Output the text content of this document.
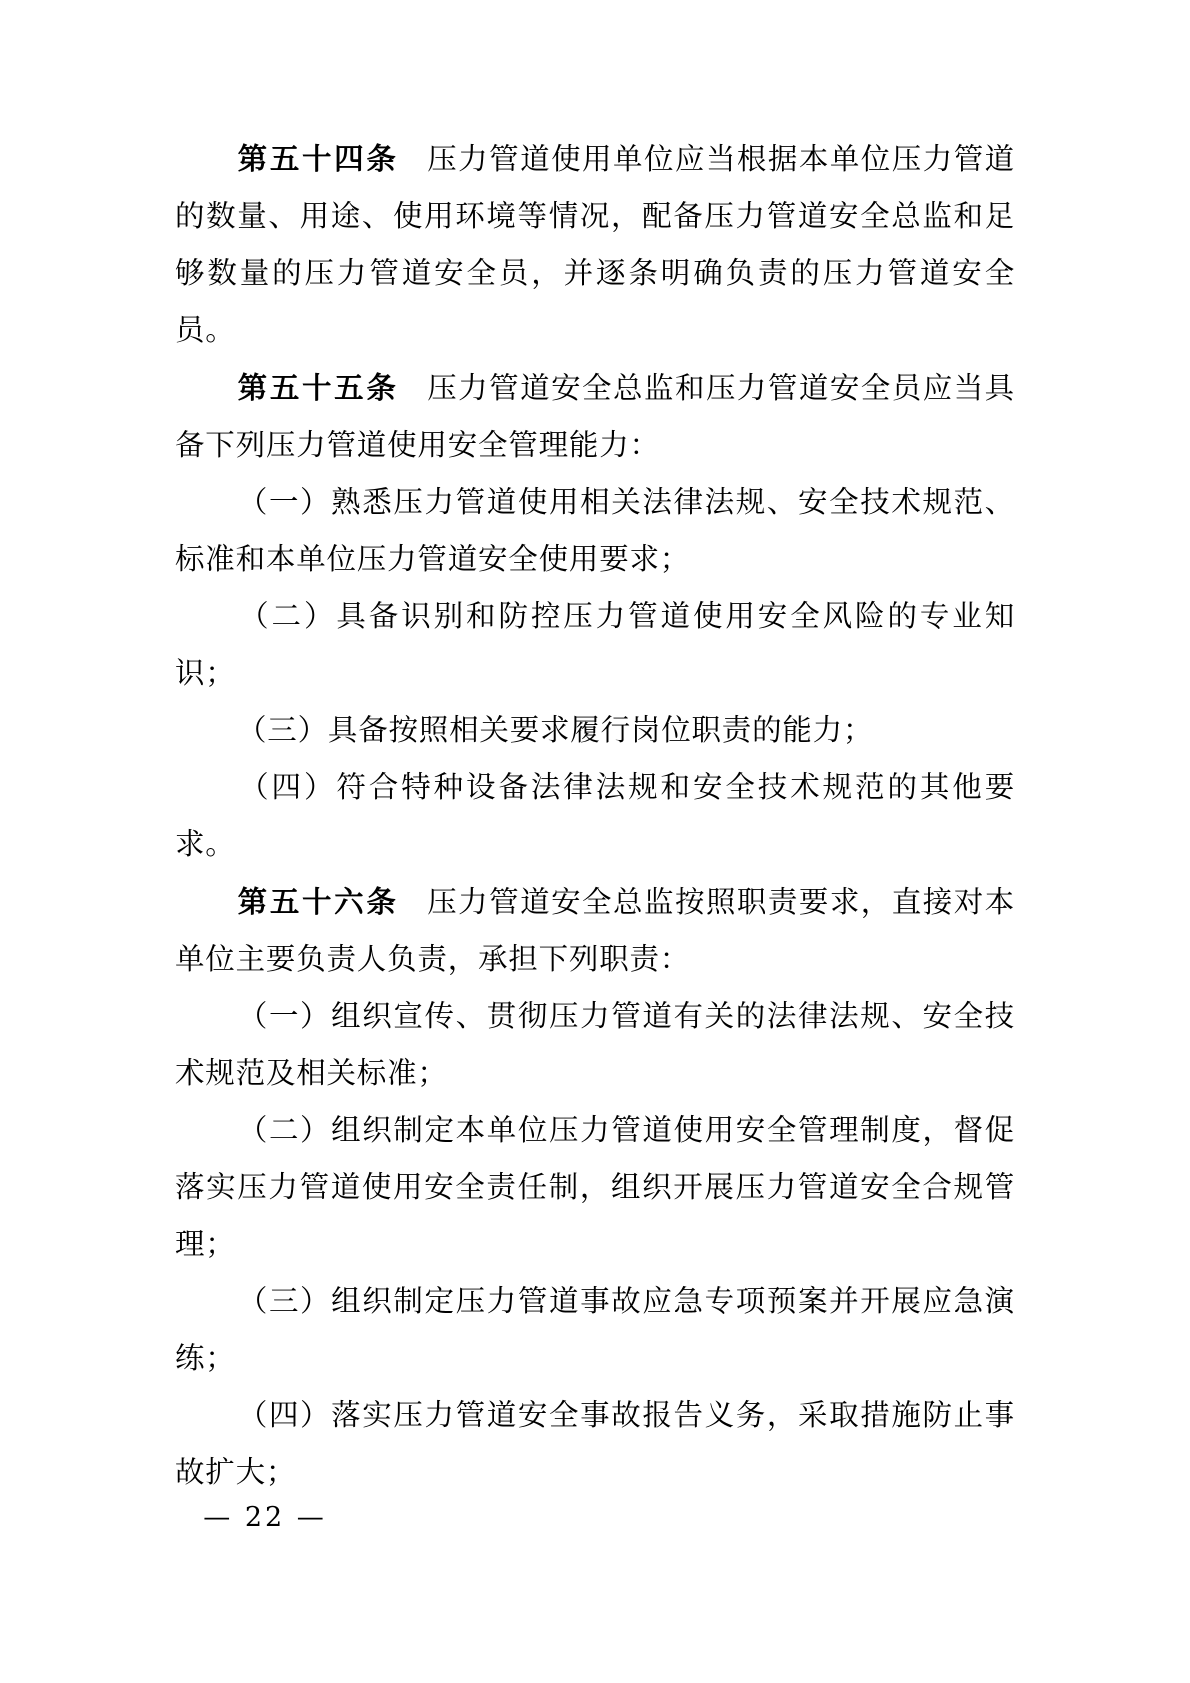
第五十四条 压力管道使用单位应当根据本单位压力管道的数量、用途、使用环境等情况，配备压力管道安全总监和足够数量的压力管道安全员，并逐条明确负责的压力管道安全员。

第五十五条 压力管道安全总监和压力管道安全员应当具备下列压力管道使用安全管理能力：

（一）熟悉压力管道使用相关法律法规、安全技术规范、标准和本单位压力管道安全使用要求；

（二）具备识别和防控压力管道使用安全风险的专业知识；

（三）具备按照相关要求履行岗位职责的能力；

（四）符合特种设备法律法规和安全技术规范的其他要求。

第五十六条 压力管道安全总监按照职责要求，直接对本单位主要负责人负责，承担下列职责：

（一）组织宣传、贯彻压力管道有关的法律法规、安全技术规范及相关标准；

（二）组织制定本单位压力管道使用安全管理制度，督促落实压力管道使用安全责任制，组织开展压力管道安全合规管理；

（三）组织制定压力管道事故应急专项预案并开展应急演练；

（四）落实压力管道安全事故报告义务，采取措施防止事故扩大；

— 22 —
